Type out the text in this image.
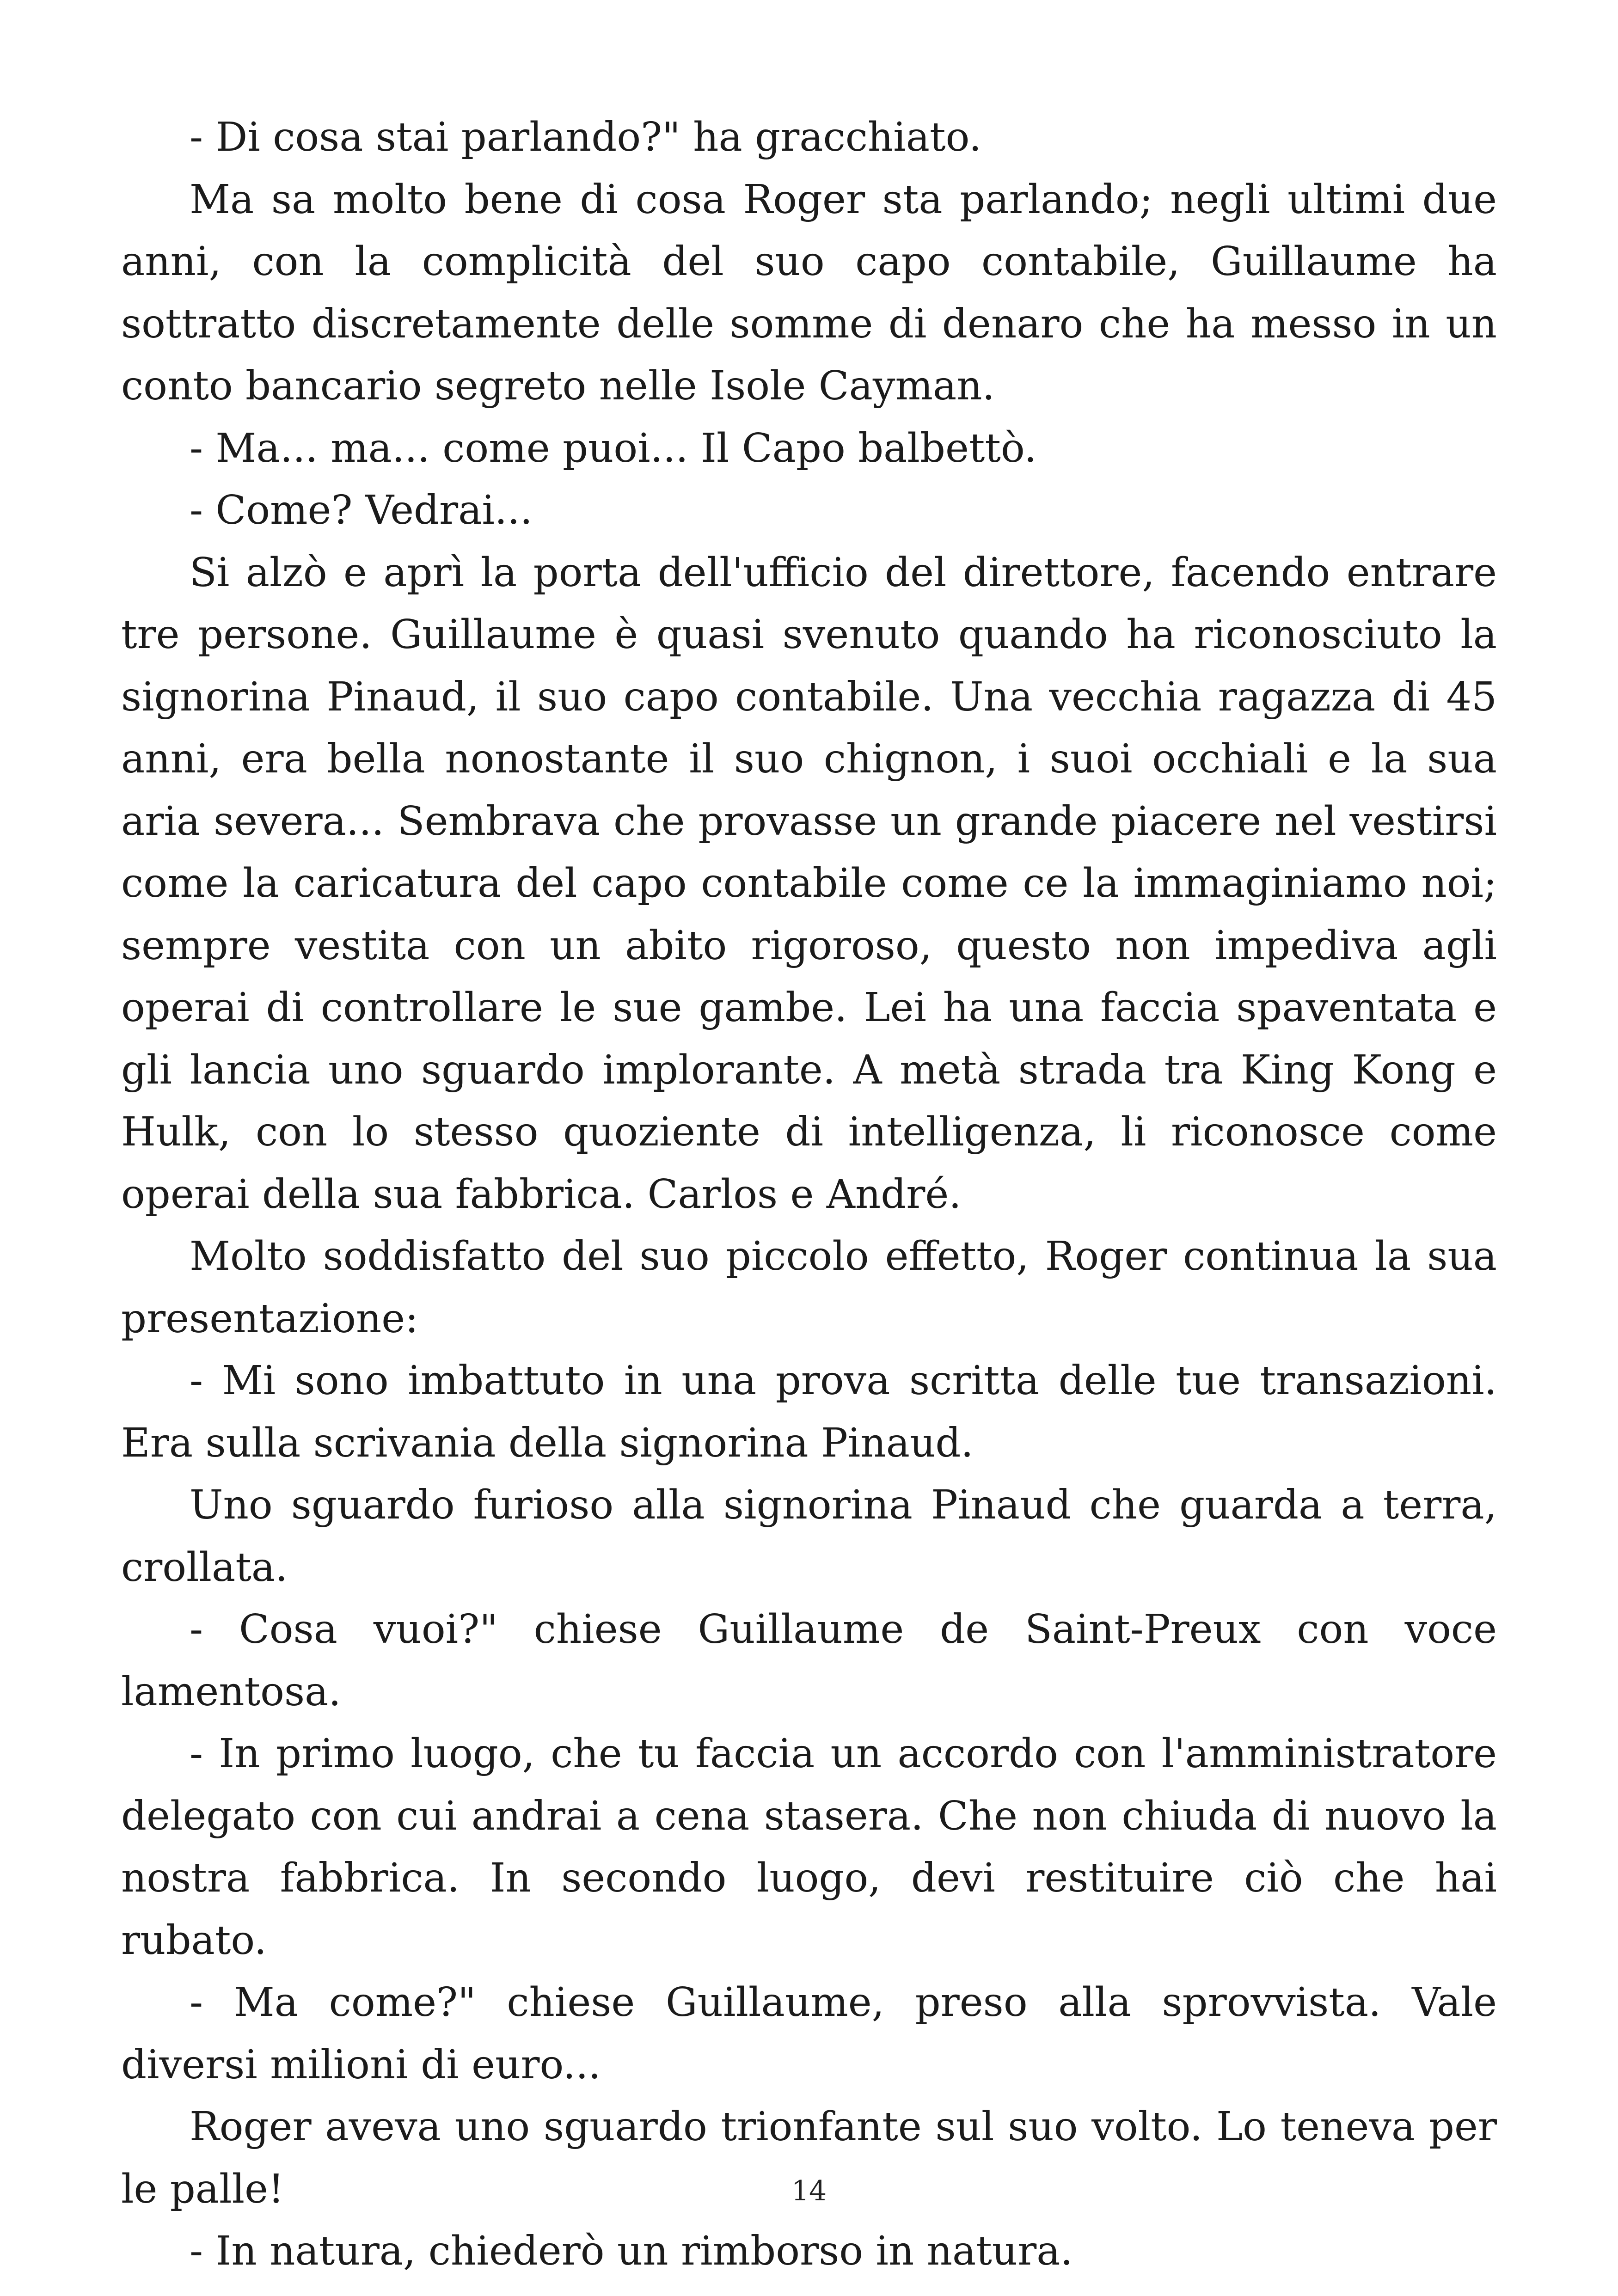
- Di cosa stai parlando?" ha gracchiato.

Ma sa molto bene di cosa Roger sta parlando; negli ultimi due anni, con la complicità del suo capo contabile, Guillaume ha sottratto discretamente delle somme di denaro che ha messo in un conto bancario segreto nelle Isole Cayman.

- Ma... ma... come puoi... Il Capo balbettò.

- Come? Vedrai...

Si alzò e aprì la porta dell'ufficio del direttore, facendo entrare tre persone. Guillaume è quasi svenuto quando ha riconosciuto la signorina Pinaud, il suo capo contabile. Una vecchia ragazza di 45 anni, era bella nonostante il suo chignon, i suoi occhiali e la sua aria severa... Sembrava che provasse un grande piacere nel vestirsi come la caricatura del capo contabile come ce la immaginiamo noi; sempre vestita con un abito rigoroso, questo non impediva agli operai di controllare le sue gambe. Lei ha una faccia spaventata e gli lancia uno sguardo implorante. A metà strada tra King Kong e Hulk, con lo stesso quoziente di intelligenza, li riconosce come operai della sua fabbrica. Carlos e André.

Molto soddisfatto del suo piccolo effetto, Roger continua la sua presentazione:

- Mi sono imbattuto in una prova scritta delle tue transazioni. Era sulla scrivania della signorina Pinaud.

Uno sguardo furioso alla signorina Pinaud che guarda a terra, crollata.

- Cosa vuoi?" chiese Guillaume de Saint-Preux con voce lamentosa.

- In primo luogo, che tu faccia un accordo con l'amministratore delegato con cui andrai a cena stasera. Che non chiuda di nuovo la nostra fabbrica. In secondo luogo, devi restituire ciò che hai rubato.

- Ma come?" chiese Guillaume, preso alla sprovvista. Vale diversi milioni di euro...

Roger aveva uno sguardo trionfante sul suo volto. Lo teneva per le palle!

- In natura, chiederò un rimborso in natura.

14
